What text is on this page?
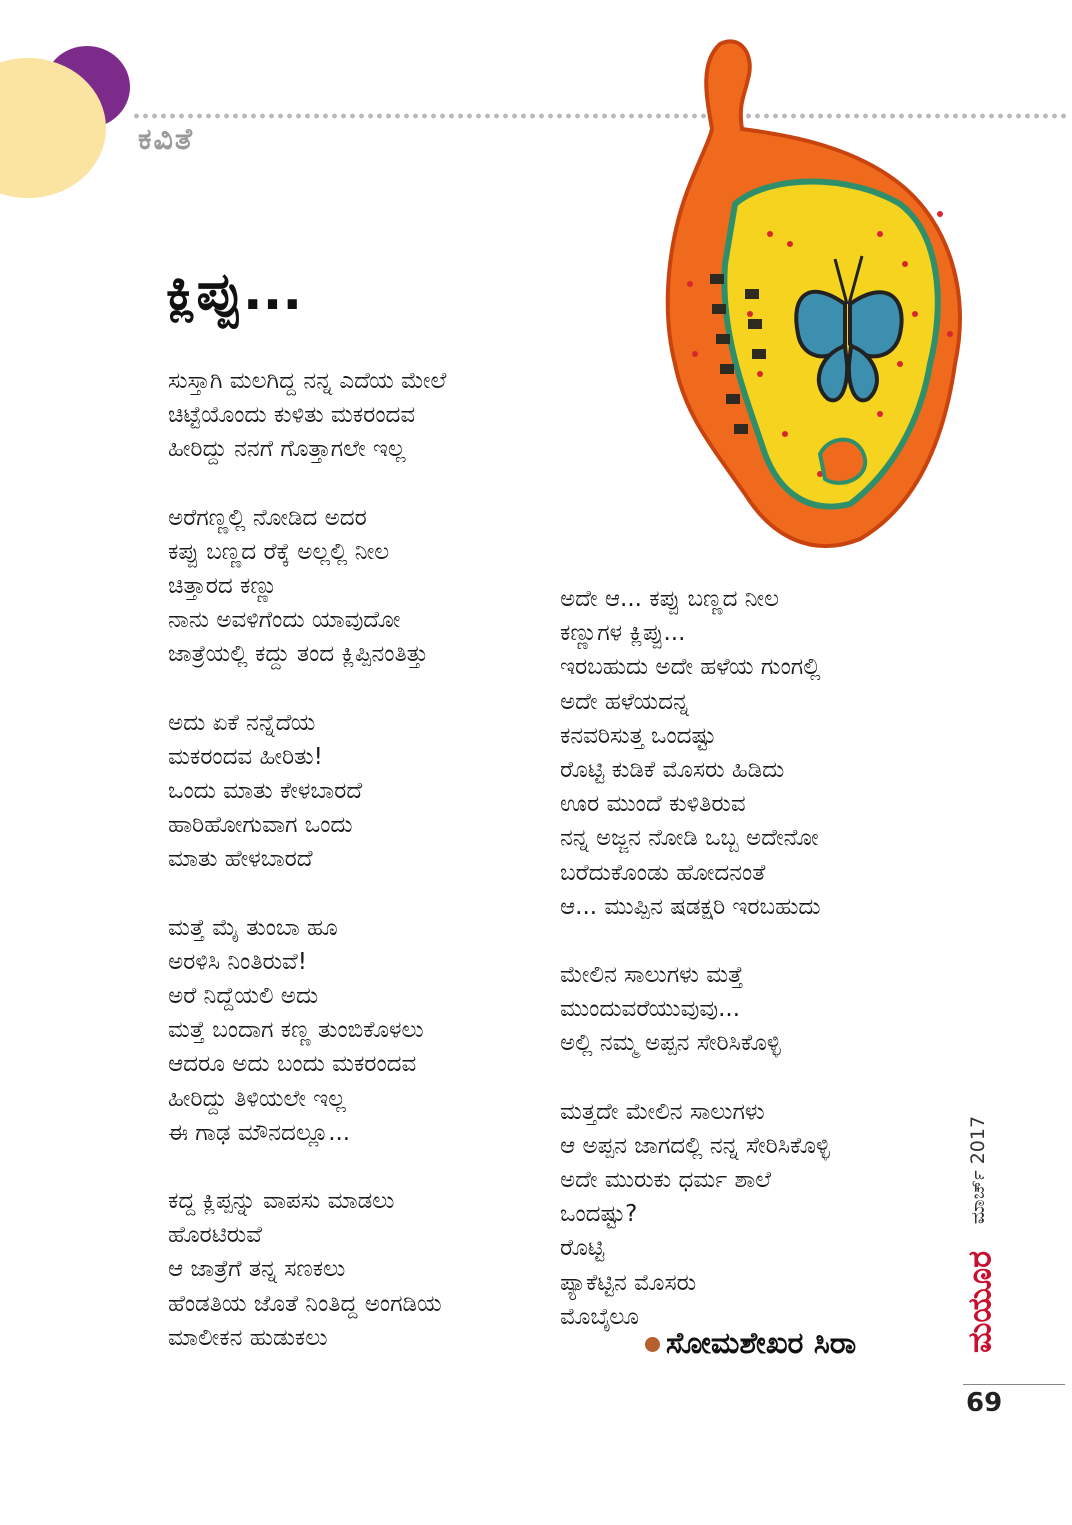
ಕವಿತೆ
ಕ್ಲಿಪ್ಪು...

ಸುಸ್ತಾಗಿ ಮಲಗಿದ್ದ ನನ್ನ ಎದೆಯ ಮೇಲೆ

ಚಿಟ್ಟೆಯೊಂದು ಕುಳಿತು ಮಕರಂದವ

ಹೀರಿದ್ದು ನನಗೆ ಗೊತ್ತಾಗಲೇ ಇಲ್ಲ

ಅರೆಗಣ್ಣಲ್ಲಿ ನೋಡಿದ ಅದರ

ಕಪ್ಪು ಬಣ್ಣದ ರೆಕ್ಕೆ ಅಲ್ಲಲ್ಲಿ ನೀಲ

ಚಿತ್ತಾರದ ಕಣ್ಣು

ನಾನು ಅವಳಿಗೆಂದು ಯಾವುದೋ

ಜಾತ್ರೆಯಲ್ಲಿ ಕದ್ದು ತಂದ ಕ್ಲಿಪ್ಪಿನಂತಿತ್ತು

ಅದು ಏಕೆ ನನ್ನೆದೆಯ

ಮಕರಂದವ ಹೀರಿತು!

ಒಂದು ಮಾತು ಕೇಳಬಾರದೆ

ಹಾರಿಹೋಗುವಾಗ ಒಂದು

ಮಾತು ಹೇಳಬಾರದೆ

ಮತ್ತೆ ಮೈ ತುಂಬಾ ಹೂ

ಅರಳಿಸಿ ನಿಂತಿರುವೆ!

ಅರೆ ನಿದ್ದೆಯಲಿ ಅದು

ಮತ್ತೆ ಬಂದಾಗ ಕಣ್ಣ ತುಂಬಿಕೊಳಲು

ಆದರೂ ಅದು ಬಂದು ಮಕರಂದವ

ಹೀರಿದ್ದು ತಿಳಿಯಲೇ ಇಲ್ಲ

ಈ ಗಾಢ ಮೌನದಲ್ಲೂ...

ಕದ್ದ ಕ್ಲಿಪ್ಪನ್ನು ವಾಪಸು ಮಾಡಲು

ಹೊರಟಿರುವೆ

ಆ ಜಾತ್ರೆಗೆ ತನ್ನ ಸಣಕಲು

ಹೆಂಡತಿಯ ಜೊತೆ ನಿಂತಿದ್ದ ಅಂಗಡಿಯ

ಮಾಲೀಕನ ಹುಡುಕಲು

ಅದೇ ಆ... ಕಪ್ಪು ಬಣ್ಣದ ನೀಲ

ಕಣ್ಣುಗಳ ಕ್ಲಿಪ್ಪು...

ಇರಬಹುದು ಅದೇ ಹಳೆಯ ಗುಂಗಲ್ಲಿ

ಅದೇ ಹಳೆಯದನ್ನ

ಕನವರಿಸುತ್ತ ಒಂದಷ್ಟು

ರೊಟ್ಟಿ ಕುಡಿಕೆ ಮೊಸರು ಹಿಡಿದು

ಊರ ಮುಂದೆ ಕುಳಿತಿರುವ

ನನ್ನ ಅಜ್ಜನ ನೋಡಿ ಒಬ್ಬ ಅದೇನೋ

ಬರೆದುಕೊಂಡು ಹೋದನಂತೆ

ಆ... ಮುಪ್ಪಿನ ಷಡಕ್ಷರಿ ಇರಬಹುದು

ಮೇಲಿನ ಸಾಲುಗಳು ಮತ್ತೆ

ಮುಂದುವರೆಯುವುವು...

ಅಲ್ಲಿ ನಮ್ಮ ಅಪ್ಪನ ಸೇರಿಸಿಕೊಳ್ಳಿ

ಮತ್ತದೇ ಮೇಲಿನ ಸಾಲುಗಳು

ಆ ಅಪ್ಪನ ಜಾಗದಲ್ಲಿ ನನ್ನ ಸೇರಿಸಿಕೊಳ್ಳಿ

ಅದೇ ಮುರುಕು ಧರ್ಮ ಶಾಲೆ

ಒಂದಷ್ಟು?

ರೊಟ್ಟಿ

ಪ್ಯಾಕೆಟ್ಟಿನ ಮೊಸರು

ಮೊಬೈಲೂ

ಸೋಮಶೇಖರ ಸಿರಾ
ಮಾರ್ಚ್ 2017
ಮಯೂರ
69
